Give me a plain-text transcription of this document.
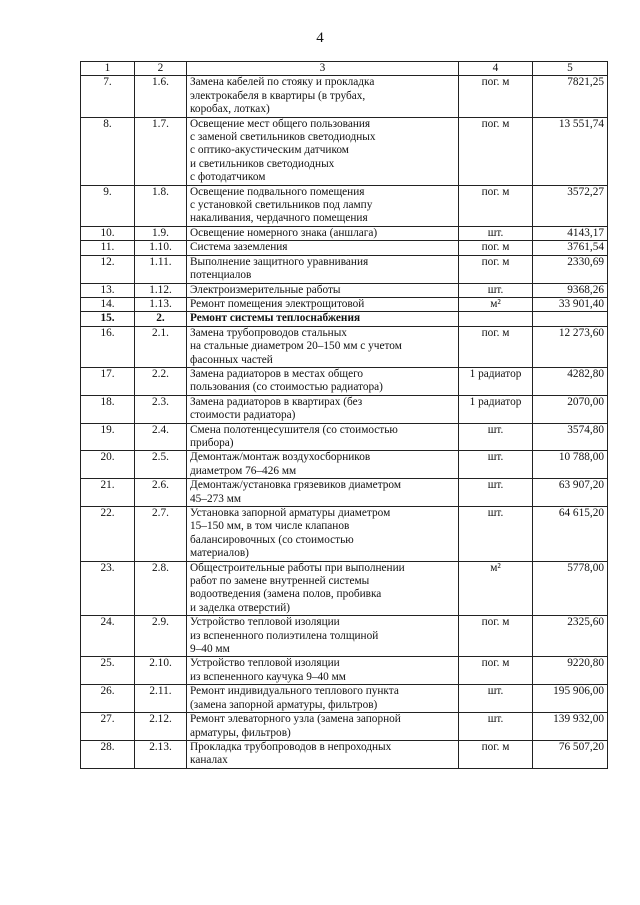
4
1	2	3	4	5
7.	1.6.	Замена кабелей по стояку и прокладка
электрокабеля в квартиры (в трубах,
коробах, лотках)	пог. м	7821,25
8.	1.7.	Освещение мест общего пользования
с заменой светильников светодиодных
с оптико-акустическим датчиком
и светильников светодиодных
с фотодатчиком	пог. м	13 551,74
9.	1.8.	Освещение подвального помещения
с установкой светильников под лампу
накаливания, чердачного помещения	пог. м	3572,27
10.	1.9.	Освещение номерного знака (аншлага)	шт.	4143,17
11.	1.10.	Система заземления	пог. м	3761,54
12.	1.11.	Выполнение защитного уравнивания
потенциалов	пог. м	2330,69
13.	1.12.	Электроизмерительные работы	шт.	9368,26
14.	1.13.	Ремонт помещения электрощитовой	м²	33 901,40
15.	2.	Ремонт системы теплоснабжения		
16.	2.1.	Замена трубопроводов стальных
на стальные диаметром 20–150 мм с учетом
фасонных частей	пог. м	12 273,60
17.	2.2.	Замена радиаторов в местах общего
пользования (со стоимостью радиатора)	1 радиатор	4282,80
18.	2.3.	Замена радиаторов в квартирах (без
стоимости радиатора)	1 радиатор	2070,00
19.	2.4.	Смена полотенцесушителя (со стоимостью
прибора)	шт.	3574,80
20.	2.5.	Демонтаж/монтаж воздухосборников
диаметром 76–426 мм	шт.	10 788,00
21.	2.6.	Демонтаж/установка грязевиков диаметром
45–273 мм	шт.	63 907,20
22.	2.7.	Установка запорной арматуры диаметром
15–150 мм, в том числе клапанов
балансировочных (со стоимостью
материалов)	шт.	64 615,20
23.	2.8.	Общестроительные работы при выполнении
работ по замене внутренней системы
водоотведения (замена полов, пробивка
и заделка отверстий)	м²	5778,00
24.	2.9.	Устройство тепловой изоляции
из вспененного полиэтилена толщиной
9–40 мм	пог. м	2325,60
25.	2.10.	Устройство тепловой изоляции
из вспененного каучука 9–40 мм	пог. м	9220,80
26.	2.11.	Ремонт индивидуального теплового пункта
(замена запорной арматуры, фильтров)	шт.	195 906,00
27.	2.12.	Ремонт элеваторного узла (замена запорной
арматуры, фильтров)	шт.	139 932,00
28.	2.13.	Прокладка трубопроводов в непроходных
каналах	пог. м	76 507,20
